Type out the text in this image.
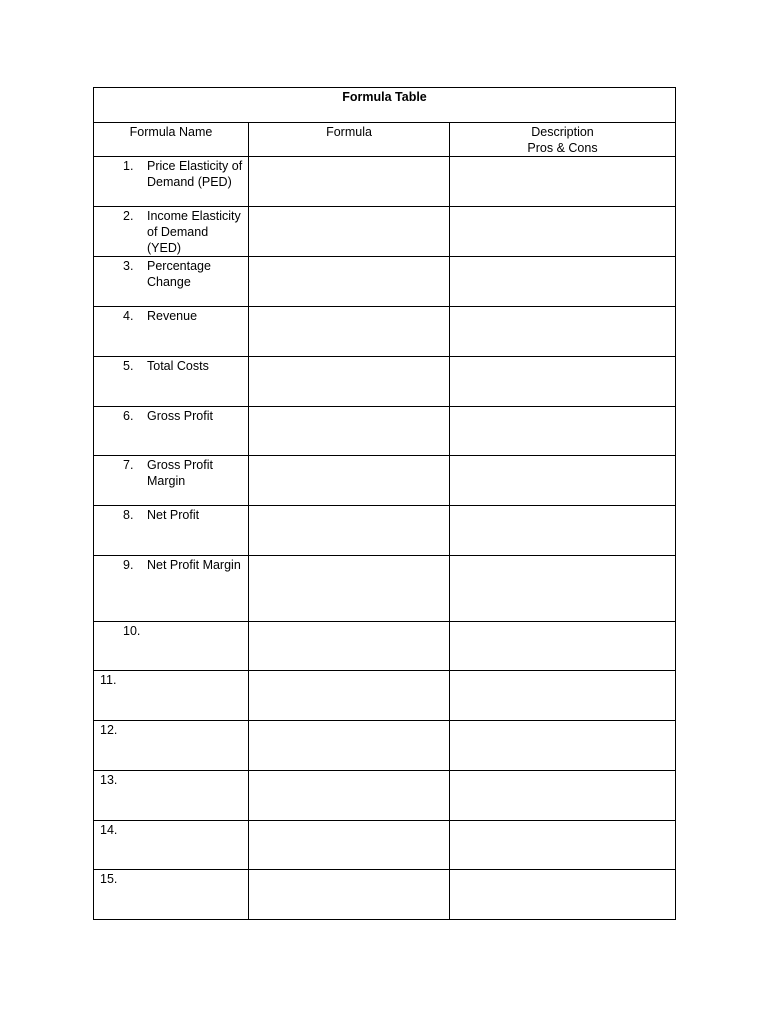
Formula Table		
Formula Name	Formula	Description
Pros & Cons

1. Price Elasticity of Demand (PED)		

2. Income Elasticity of Demand (YED)		

3. Percentage Change		

4. Revenue		

5. Total Costs		

6. Gross Profit		

7. Gross Profit Margin		

8. Net Profit		

9. Net Profit Margin		

10.		

11.		

12.		

13.		

14.		

15.		
